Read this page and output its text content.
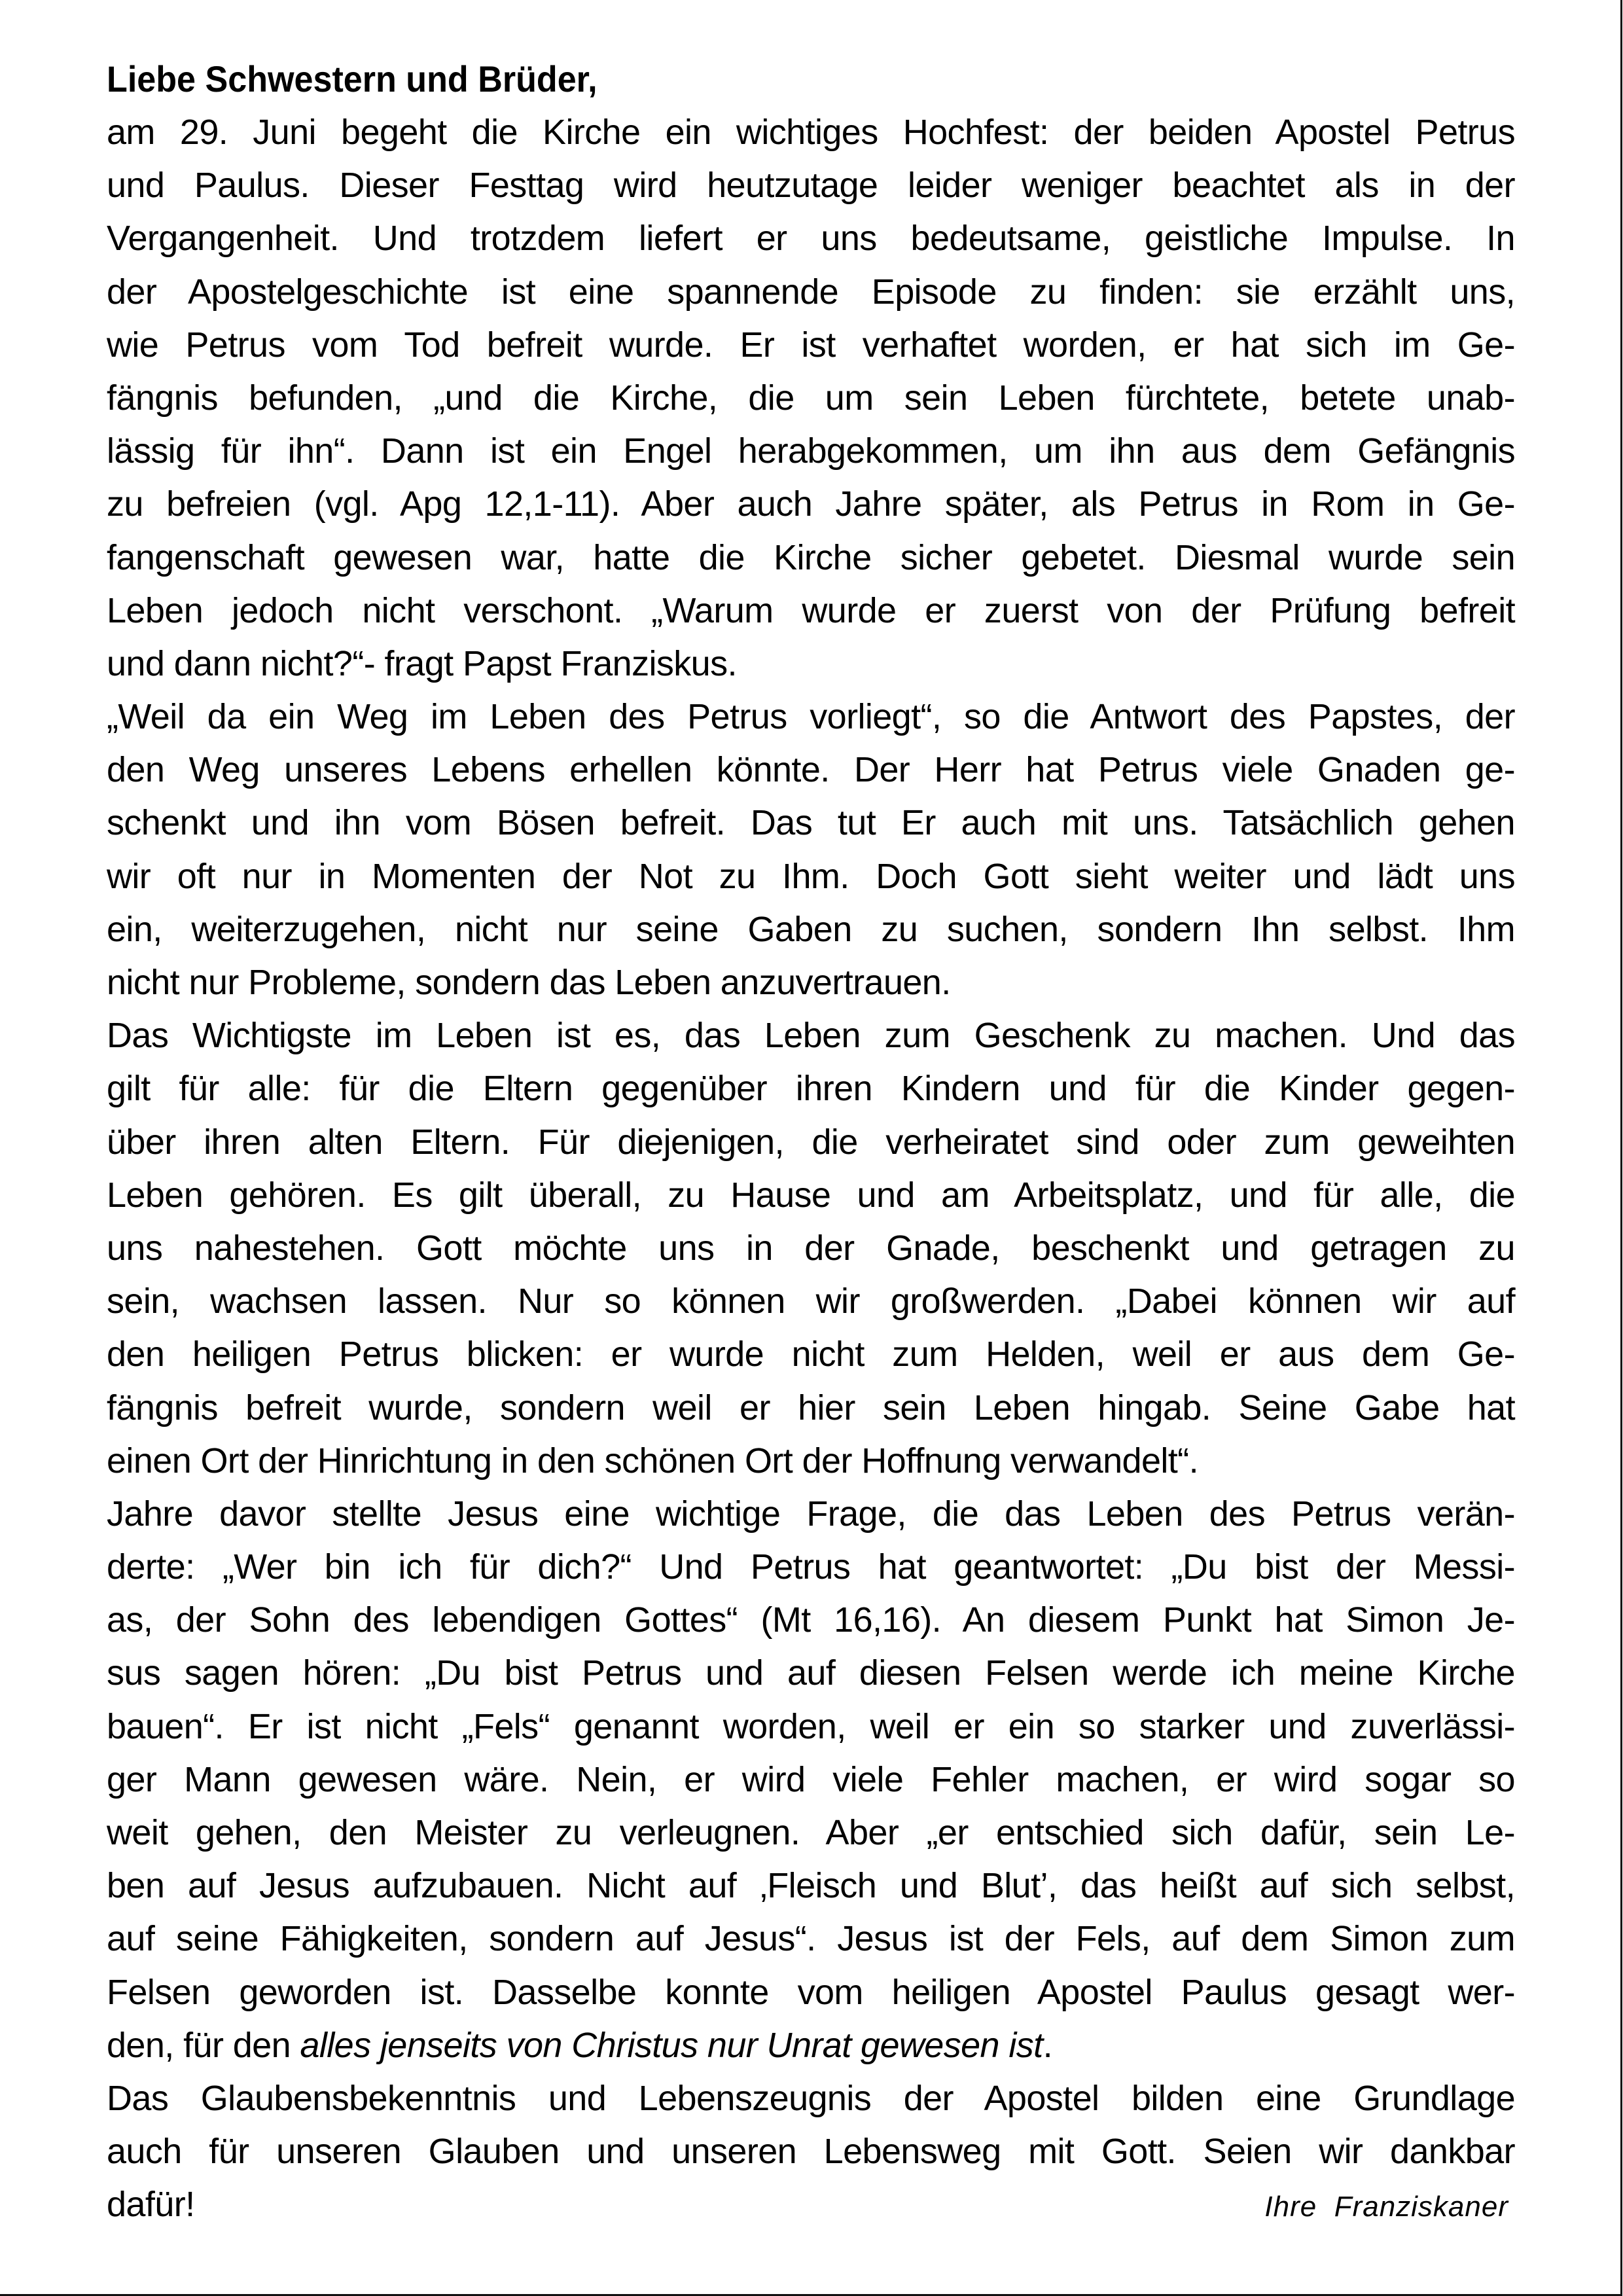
Liebe Schwestern und Brüder,
am 29. Juni begeht die Kirche ein wichtiges Hochfest: der beiden Apostel Petrus
und Paulus. Dieser Festtag wird heutzutage leider weniger beachtet als in der
Vergangenheit. Und trotzdem liefert er uns bedeutsame, geistliche Impulse. In
der Apostelgeschichte ist eine spannende Episode zu finden: sie erzählt uns,
wie Petrus vom Tod befreit wurde. Er ist verhaftet worden, er hat sich im Ge-
fängnis befunden, „und die Kirche, die um sein Leben fürchtete, betete unab-
lässig für ihn“. Dann ist ein Engel herabgekommen, um ihn aus dem Gefängnis
zu befreien (vgl. Apg 12,1-11). Aber auch Jahre später, als Petrus in Rom in Ge-
fangenschaft gewesen war, hatte die Kirche sicher gebetet. Diesmal wurde sein
Leben jedoch nicht verschont. „Warum wurde er zuerst von der Prüfung befreit
und dann nicht?“- fragt Papst Franziskus.
„Weil da ein Weg im Leben des Petrus vorliegt“, so die Antwort des Papstes, der
den Weg unseres Lebens erhellen könnte. Der Herr hat Petrus viele Gnaden ge-
schenkt und ihn vom Bösen befreit. Das tut Er auch mit uns. Tatsächlich gehen
wir oft nur in Momenten der Not zu Ihm. Doch Gott sieht weiter und lädt uns
ein, weiterzugehen, nicht nur seine Gaben zu suchen, sondern Ihn selbst. Ihm
nicht nur Probleme, sondern das Leben anzuvertrauen.
Das Wichtigste im Leben ist es, das Leben zum Geschenk zu machen. Und das
gilt für alle: für die Eltern gegenüber ihren Kindern und für die Kinder gegen-
über ihren alten Eltern. Für diejenigen, die verheiratet sind oder zum geweihten
Leben gehören. Es gilt überall, zu Hause und am Arbeitsplatz, und für alle, die
uns nahestehen. Gott möchte uns in der Gnade, beschenkt und getragen zu
sein, wachsen lassen. Nur so können wir großwerden. „Dabei können wir auf
den heiligen Petrus blicken: er wurde nicht zum Helden, weil er aus dem Ge-
fängnis befreit wurde, sondern weil er hier sein Leben hingab. Seine Gabe hat
einen Ort der Hinrichtung in den schönen Ort der Hoffnung verwandelt“.
Jahre davor stellte Jesus eine wichtige Frage, die das Leben des Petrus verän-
derte: „Wer bin ich für dich?“ Und Petrus hat geantwortet: „Du bist der Messi-
as, der Sohn des lebendigen Gottes“ (Mt 16,16). An diesem Punkt hat Simon Je-
sus sagen hören: „Du bist Petrus und auf diesen Felsen werde ich meine Kirche
bauen“. Er ist nicht „Fels“ genannt worden, weil er ein so starker und zuverlässi-
ger Mann gewesen wäre. Nein, er wird viele Fehler machen, er wird sogar so
weit gehen, den Meister zu verleugnen. Aber „er entschied sich dafür, sein Le-
ben auf Jesus aufzubauen. Nicht auf ‚Fleisch und Blut’, das heißt auf sich selbst,
auf seine Fähigkeiten, sondern auf Jesus“. Jesus ist der Fels, auf dem Simon zum
Felsen geworden ist. Dasselbe konnte vom heiligen Apostel Paulus gesagt wer-
den, für den alles jenseits von Christus nur Unrat gewesen ist.
Das Glaubensbekenntnis und Lebenszeugnis der Apostel bilden eine Grundlage
auch für unseren Glauben und unseren Lebensweg mit Gott. Seien wir dankbar
dafür!	Ihre  Franziskaner
